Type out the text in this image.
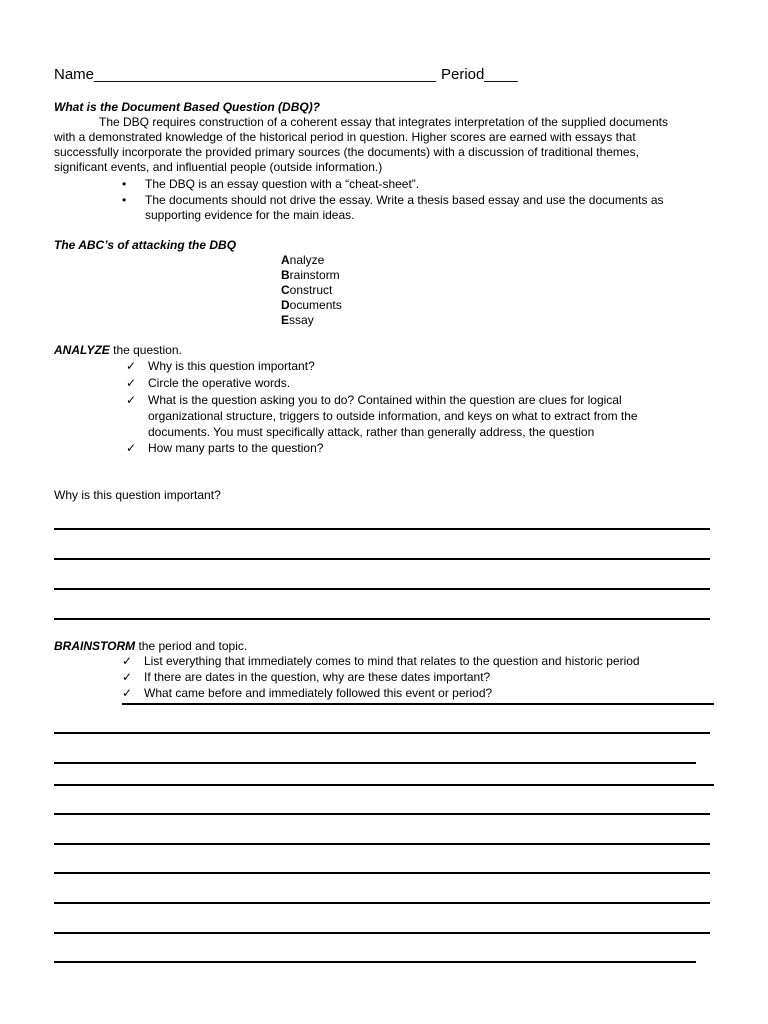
Name_________________________________________ Period____
What is the Document Based Question (DBQ)?
The DBQ requires construction of a coherent essay that integrates interpretation of the supplied documents
with a demonstrated knowledge of the historical period in question. Higher scores are earned with essays that
successfully incorporate the provided primary sources (the documents) with a discussion of traditional themes,
significant events, and influential people (outside information.)
• The DBQ is an essay question with a “cheat-sheet”.
• The documents should not drive the essay. Write a thesis based essay and use the documents as
supporting evidence for the main ideas.
The ABC’s of attacking the DBQ
Analyze
Brainstorm
Construct
Documents
Essay
ANALYZE the question.
✓ Why is this question important?
✓ Circle the operative words.
✓ What is the question asking you to do? Contained within the question are clues for logical
organizational structure, triggers to outside information, and keys on what to extract from the
documents. You must specifically attack, rather than generally address, the question
✓ How many parts to the question?
Why is this question important?
BRAINSTORM the period and topic.
✓ List everything that immediately comes to mind that relates to the question and historic period
✓ If there are dates in the question, why are these dates important?
✓ What came before and immediately followed this event or period?
